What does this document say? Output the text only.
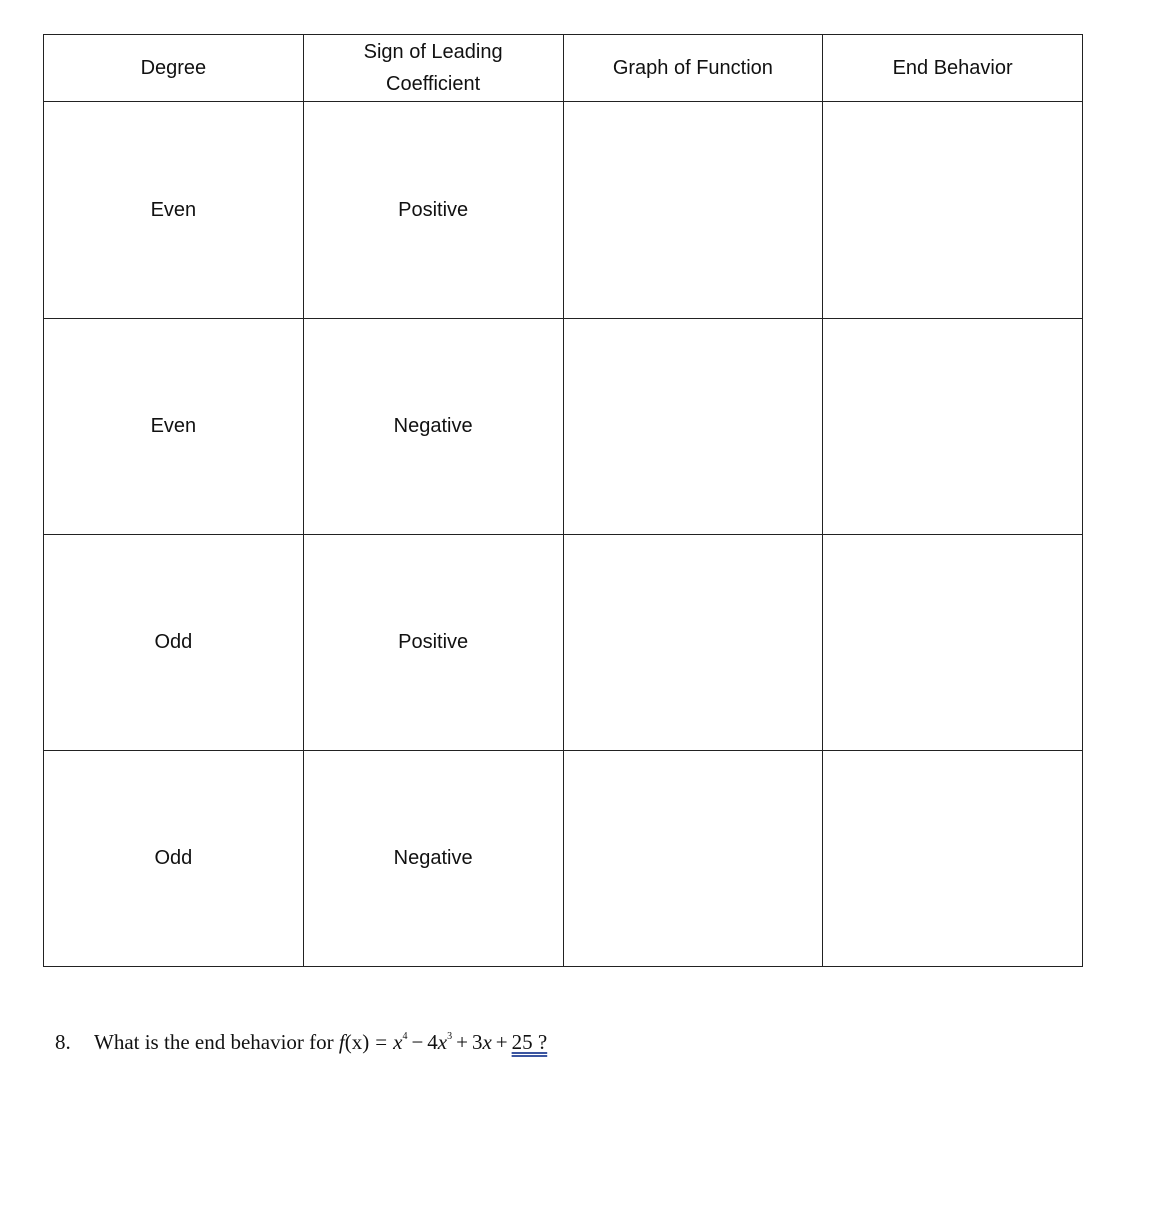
Degree	Sign of Leading
Coefficient	Graph of Function	End Behavior
Even	Positive		
Even	Negative		
Odd	Positive		
Odd	Negative		
8. What is the end behavior for $f(x) = x^4 - 4x^3 + 3x + 25$ ?
